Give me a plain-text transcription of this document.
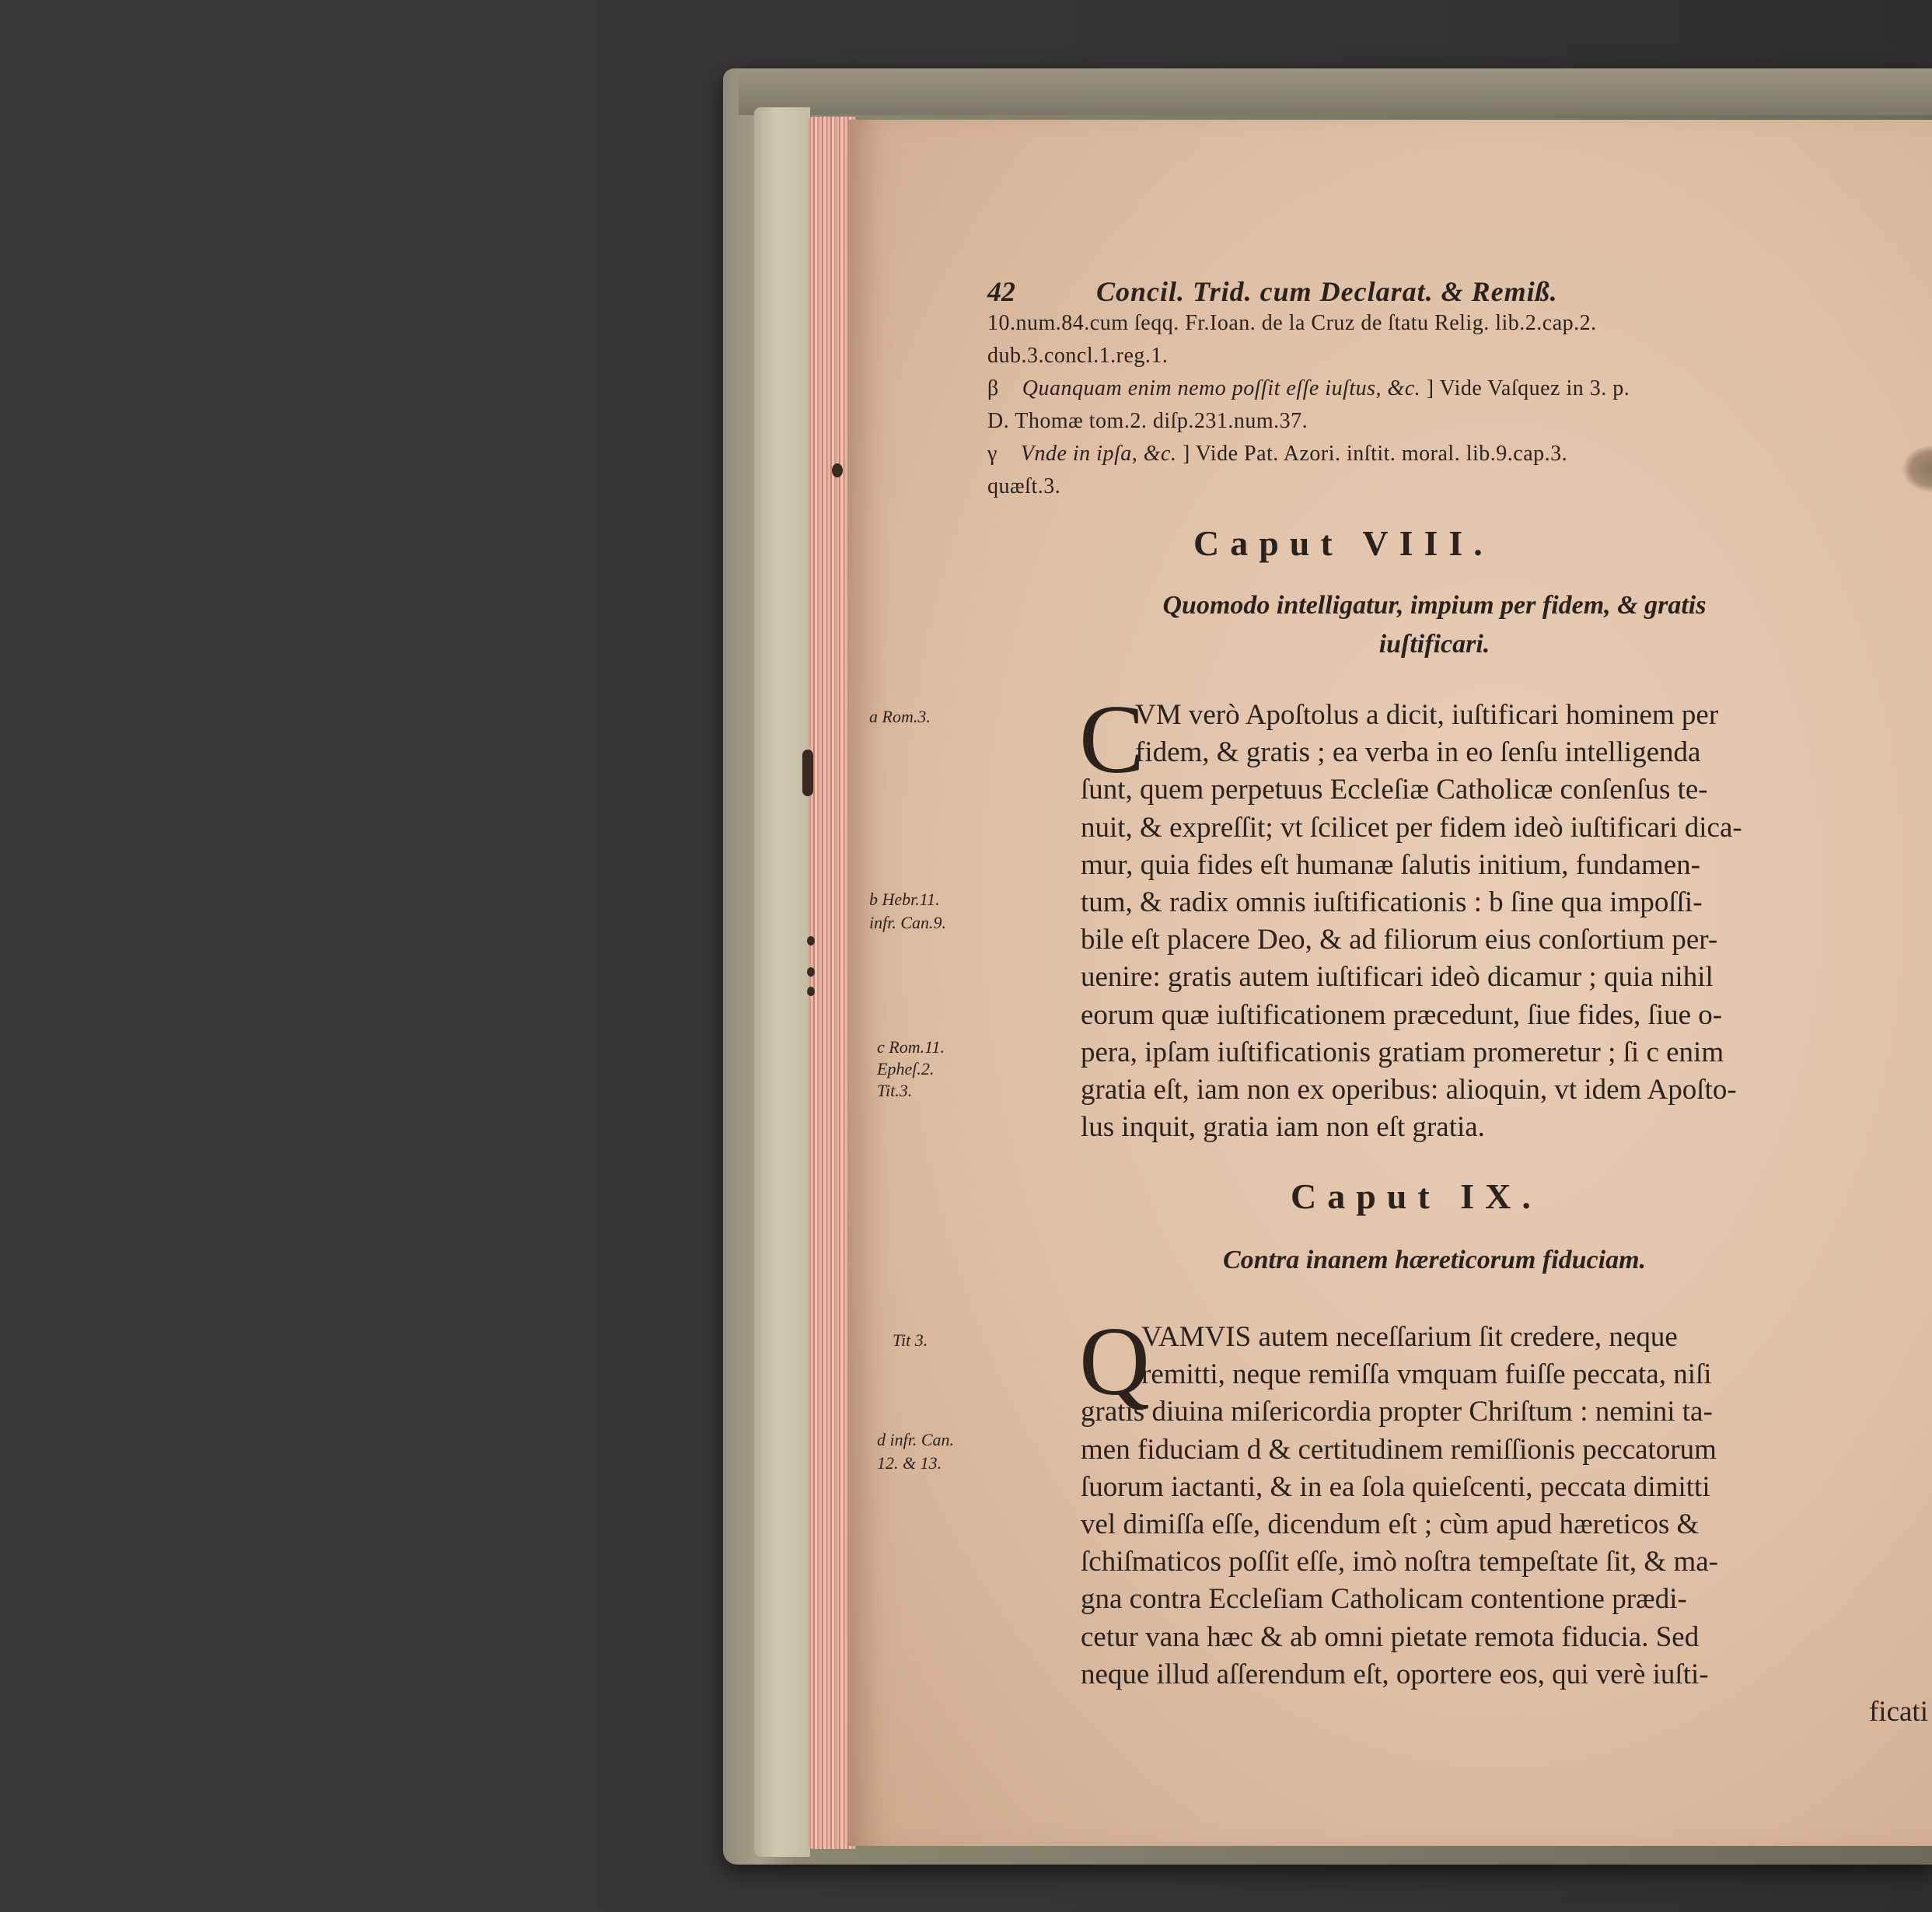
42	Concil. Trid. cum Declarat. & Remiß.
10.num.84.cum ſeqq. Fr.Ioan. de la Cruz de ſtatu Relig. lib.2.cap.2.
dub.3.concl.1.reg.1.
β Quanquam enim nemo poſſit eſſe iuſtus, &c. ] Vide Vaſquez in 3. p.
D. Thomæ tom.2. diſp.231.num.37.
γ Vnde in ipſa, &c. ] Vide Pat. Azori. inſtit. moral. lib.9.cap.3.
quæſt.3.
Caput VIII.
Quomodo intelligatur, impium per fidem, & gratis
iuſtificari.
a Rom.3.
b Hebr.11.
infr. Can.9.
c Rom.11.
Epheſ.2.
Tit.3.
C
VM verò Apoſtolus a dicit, iuſtificari hominem per
fidem, & gratis ; ea verba in eo ſenſu intelligenda
ſunt, quem perpetuus Eccleſiæ Catholicæ conſenſus te-
nuit, & expreſſit; vt ſcilicet per fidem ideò iuſtificari dica-
mur, quia fides eſt humanæ ſalutis initium, fundamen-
tum, & radix omnis iuſtificationis : b ſine qua impoſſi-
bile eſt placere Deo, & ad filiorum eius conſortium per-
uenire: gratis autem iuſtificari ideò dicamur ; quia nihil
eorum quæ iuſtificationem præcedunt, ſiue fides, ſiue o-
pera, ipſam iuſtificationis gratiam promeretur ; ſi c enim
gratia eſt, iam non ex operibus: alioquin, vt idem Apoſto-
lus inquit, gratia iam non eſt gratia.
Caput IX.
Contra inanem hæreticorum fiduciam.
Tit 3.
d infr. Can.
12. & 13.
Q
VAMVIS autem neceſſarium ſit credere, neque
remitti, neque remiſſa vmquam fuiſſe peccata, niſi
gratis diuina miſericordia propter Chriſtum : nemini ta-
men fiduciam d & certitudinem remiſſionis peccatorum
ſuorum iactanti, & in ea ſola quieſcenti, peccata dimitti
vel dimiſſa eſſe, dicendum eſt ; cùm apud hæreticos &
ſchiſmaticos poſſit eſſe, imò noſtra tempeſtate ſit, & ma-
gna contra Eccleſiam Catholicam contentione prædi-
cetur vana hæc & ab omni pietate remota fiducia. Sed
neque illud aſſerendum eſt, oportere eos, qui verè iuſti-
ficati
